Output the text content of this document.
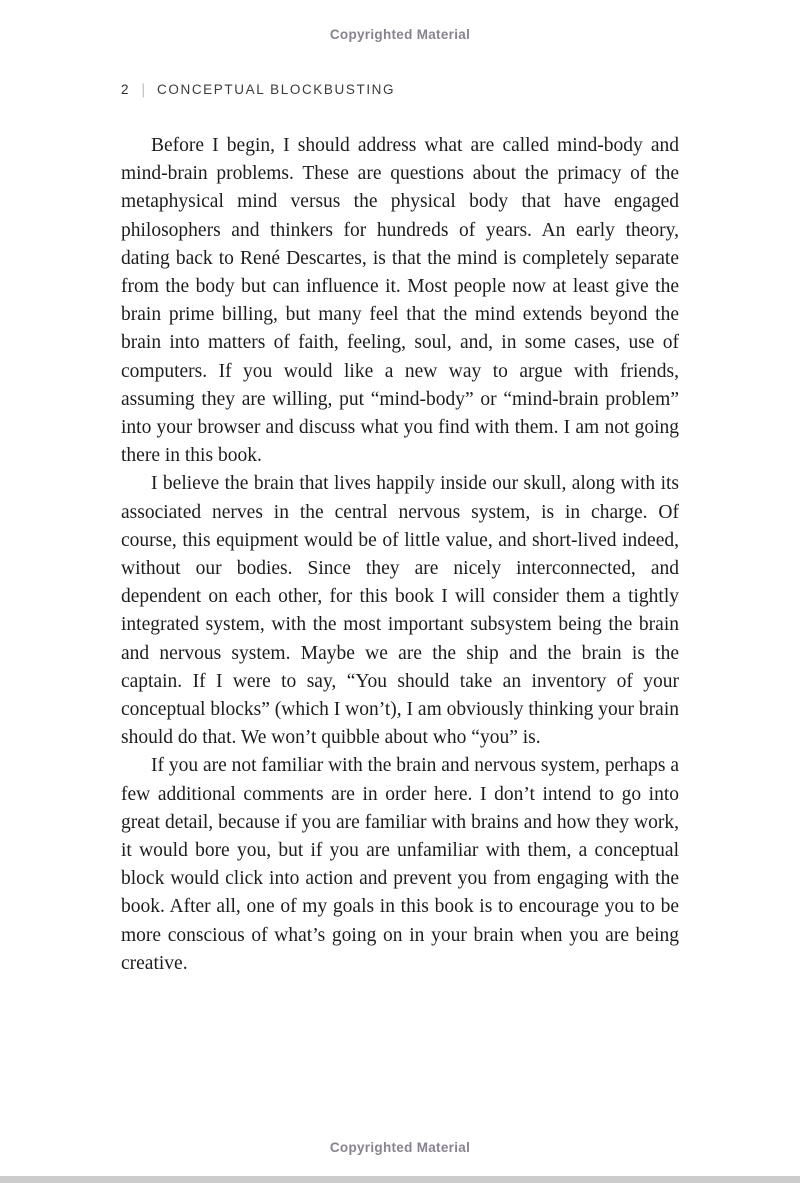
Copyrighted Material
2 | CONCEPTUAL BLOCKBUSTING

Before I begin, I should address what are called mind-body and mind-brain problems. These are questions about the primacy of the metaphysical mind versus the physical body that have engaged philosophers and thinkers for hundreds of years. An early theory, dating back to René Descartes, is that the mind is completely separate from the body but can influence it. Most people now at least give the brain prime billing, but many feel that the mind extends beyond the brain into matters of faith, feeling, soul, and, in some cases, use of computers. If you would like a new way to argue with friends, assuming they are willing, put “mind-body” or “mind-brain problem” into your browser and discuss what you find with them. I am not going there in this book.

I believe the brain that lives happily inside our skull, along with its associated nerves in the central nervous system, is in charge. Of course, this equipment would be of little value, and short-lived indeed, without our bodies. Since they are nicely interconnected, and dependent on each other, for this book I will consider them a tightly integrated system, with the most important subsystem being the brain and nervous system. Maybe we are the ship and the brain is the captain. If I were to say, “You should take an inventory of your conceptual blocks” (which I won’t), I am obviously thinking your brain should do that. We won’t quibble about who “you” is.

If you are not familiar with the brain and nervous system, perhaps a few additional comments are in order here. I don’t intend to go into great detail, because if you are familiar with brains and how they work, it would bore you, but if you are unfamiliar with them, a conceptual block would click into action and prevent you from engaging with the book. After all, one of my goals in this book is to encourage you to be more conscious of what’s going on in your brain when you are being creative.

Copyrighted Material
